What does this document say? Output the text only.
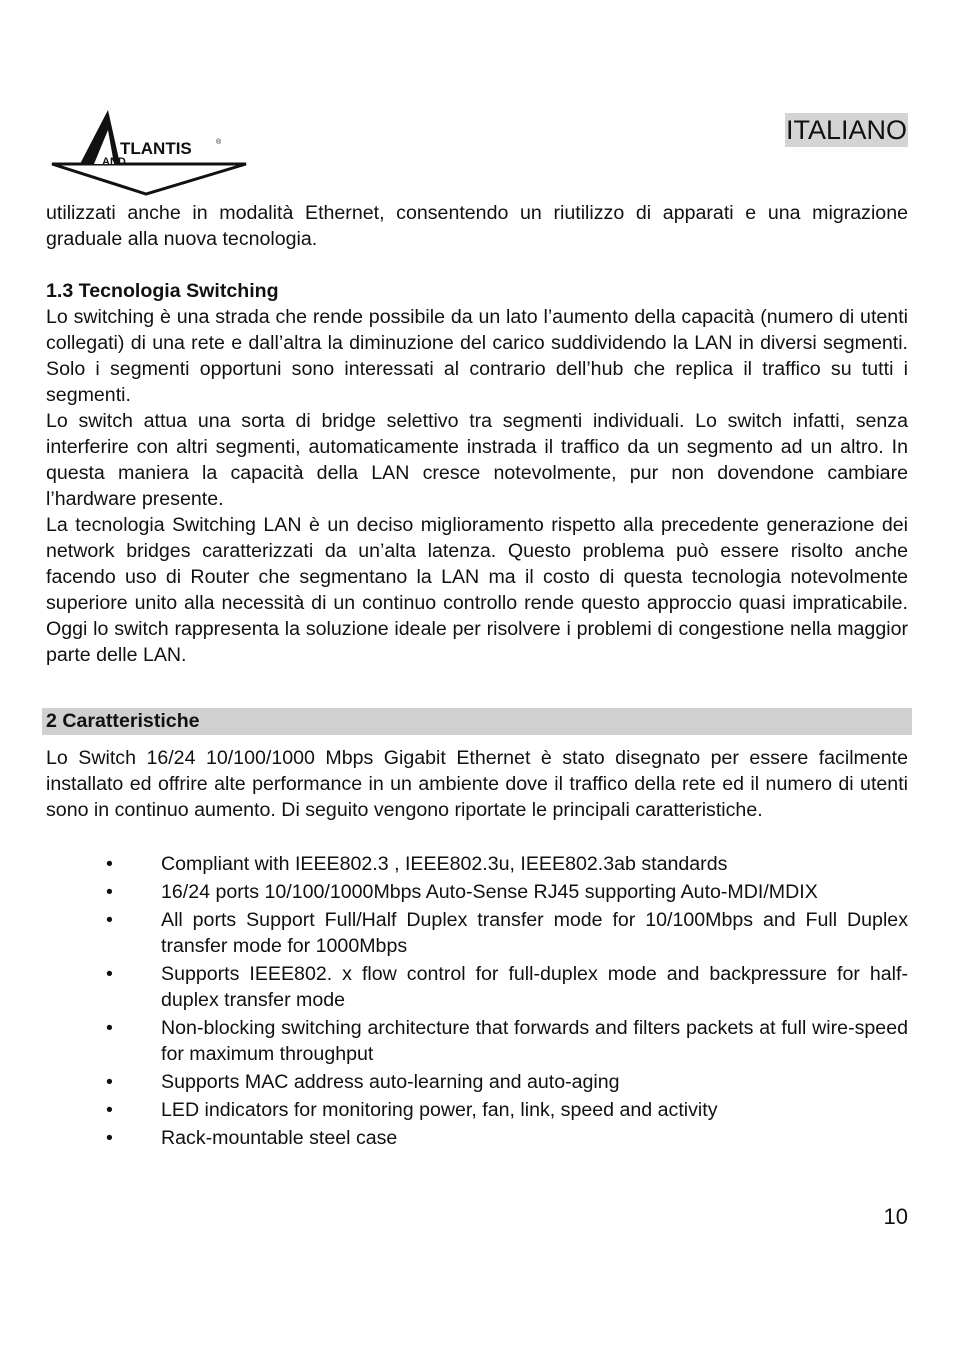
TLANTIS	®
AND
ITALIANO

utilizzati anche in modalità Ethernet, consentendo un riutilizzo di apparati e una migrazione graduale alla nuova tecnologia.

1.3 Tecnologia Switching

Lo switching è una strada che rende possibile da un lato l’aumento della capacità (numero di utenti collegati) di una rete e dall’altra la diminuzione del carico suddividendo la LAN in diversi segmenti. Solo i segmenti opportuni sono interessati al contrario dell’hub che replica il traffico su tutti i segmenti.

Lo switch attua una sorta di bridge selettivo tra segmenti individuali. Lo switch infatti, senza interferire con altri segmenti, automaticamente instrada il traffico da un segmento ad un altro. In questa maniera la capacità della LAN cresce notevolmente, pur non dovendone cambiare l’hardware presente.

La tecnologia Switching LAN è un deciso miglioramento rispetto alla precedente generazione dei network bridges caratterizzati da un’alta latenza. Questo problema può essere risolto anche facendo uso di Router che segmentano la LAN ma il costo di questa tecnologia notevolmente superiore unito alla necessità di un continuo controllo rende questo approccio quasi impraticabile. Oggi lo switch rappresenta la soluzione ideale per risolvere i problemi di congestione nella maggior parte delle LAN.

2 Caratteristiche

Lo Switch 16/24 10/100/1000 Mbps Gigabit Ethernet è stato disegnato per essere facilmente installato ed offrire alte performance in un ambiente dove il traffico della rete ed il numero di utenti sono in continuo aumento. Di seguito vengono riportate le principali caratteristiche.

• Compliant with IEEE802.3 , IEEE802.3u, IEEE802.3ab standards
• 16/24 ports 10/100/1000Mbps Auto-Sense RJ45 supporting Auto-MDI/MDIX
• All ports Support Full/Half Duplex transfer mode for 10/100Mbps and Full Duplex transfer mode for 1000Mbps
• Supports IEEE802. x flow control for full-duplex mode and backpressure for half-duplex transfer mode
• Non-blocking switching architecture that forwards and filters packets at full wire-speed for maximum throughput
• Supports MAC address auto-learning and auto-aging
• LED indicators for monitoring power, fan, link, speed and activity
• Rack-mountable steel case
10
